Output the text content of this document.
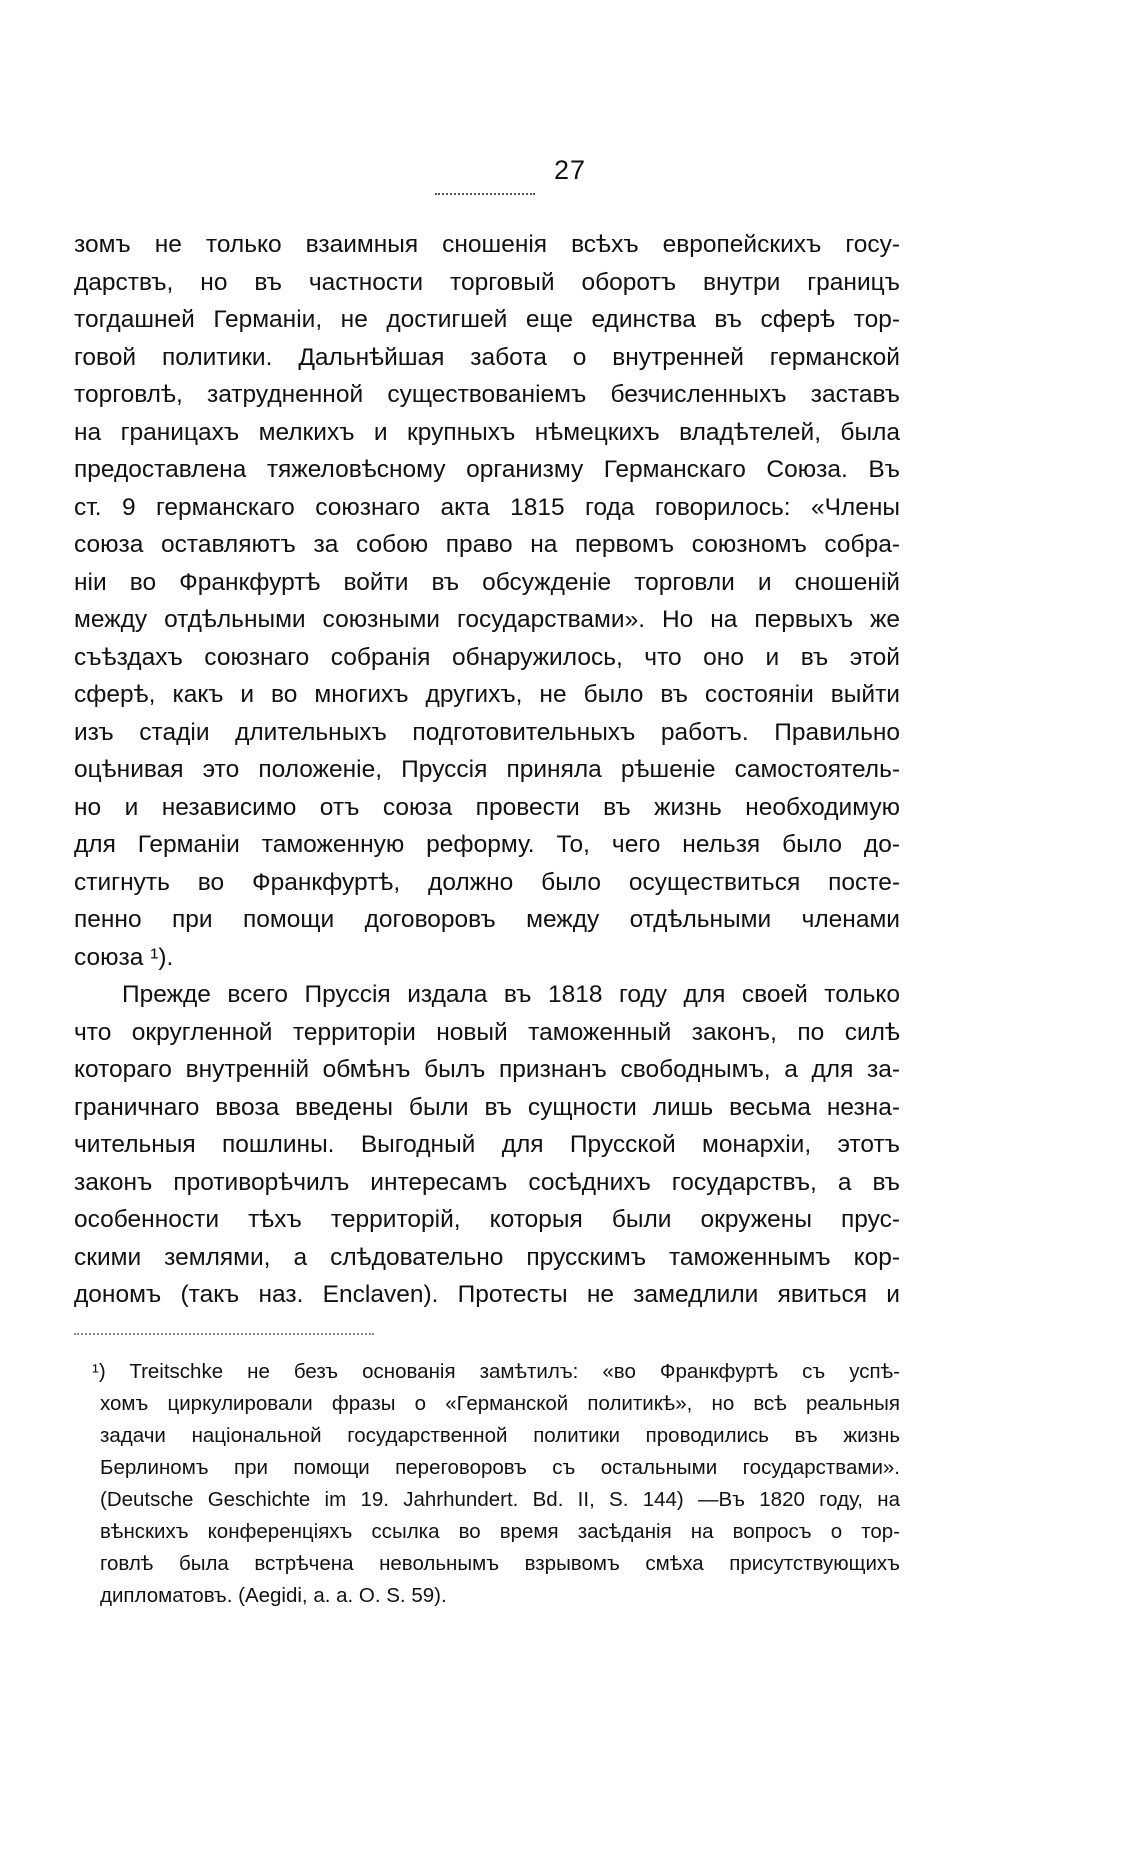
27
зомъ не только взаимныя сношенія всѣхъ европейскихъ госу-
дарствъ, но въ частности торговый оборотъ внутри границъ
тогдашней Германіи, не достигшей еще единства въ сферѣ тор-
говой политики. Дальнѣйшая забота о внутренней германской
торговлѣ, затрудненной существованіемъ безчисленныхъ заставъ
на границахъ мелкихъ и крупныхъ нѣмецкихъ владѣтелей, была
предоставлена тяжеловѣсному организму Германскаго Союза. Въ
ст. 9 германскаго союзнаго акта 1815 года говорилось: «Члены
союза оставляютъ за собою право на первомъ союзномъ собра-
ніи во Франкфуртѣ войти въ обсужденіе торговли и сношеній
между отдѣльными союзными государствами». Но на первыхъ же
съѣздахъ союзнаго собранія обнаружилось, что оно и въ этой
сферѣ, какъ и во многихъ другихъ, не было въ состояніи выйти
изъ стадіи длительныхъ подготовительныхъ работъ. Правильно
оцѣнивая это положеніе, Пруссія приняла рѣшеніе самостоятель-
но и независимо отъ союза провести въ жизнь необходимую
для Германіи таможенную реформу. То, чего нельзя было до-
стигнуть во Франкфуртѣ, должно было осуществиться посте-
пенно при помощи договоровъ между отдѣльными членами
союза ¹).
Прежде всего Пруссія издала въ 1818 году для своей только
что округленной территоріи новый таможенный законъ, по силѣ
котораго внутренній обмѣнъ былъ признанъ свободнымъ, а для за-
граничнаго ввоза введены были въ сущности лишь весьма незна-
чительныя пошлины. Выгодный для Прусской монархіи, этотъ
законъ противорѣчилъ интересамъ сосѣднихъ государствъ, а въ
особенности тѣхъ территорій, которыя были окружены прус-
скими землями, а слѣдовательно прусскимъ таможеннымъ кор-
дономъ (такъ наз. Enclaven). Протесты не замедлили явиться и
¹) Treitschke не безъ основанія замѣтилъ: «во Франкфуртѣ съ успѣ-
хомъ циркулировали фразы о «Германской политикѣ», но всѣ реальныя
задачи національной государственной политики проводились въ жизнь
Берлиномъ при помощи переговоровъ съ остальными государствами».
(Deutsche Geschichte im 19. Jahrhundert. Bd. II, S. 144) —Въ 1820 году, на
вѣнскихъ конференціяхъ ссылка во время засѣданія на вопросъ о тор-
говлѣ была встрѣчена невольнымъ взрывомъ смѣха присутствующихъ
дипломатовъ. (Aegidi, a. a. O. S. 59).
